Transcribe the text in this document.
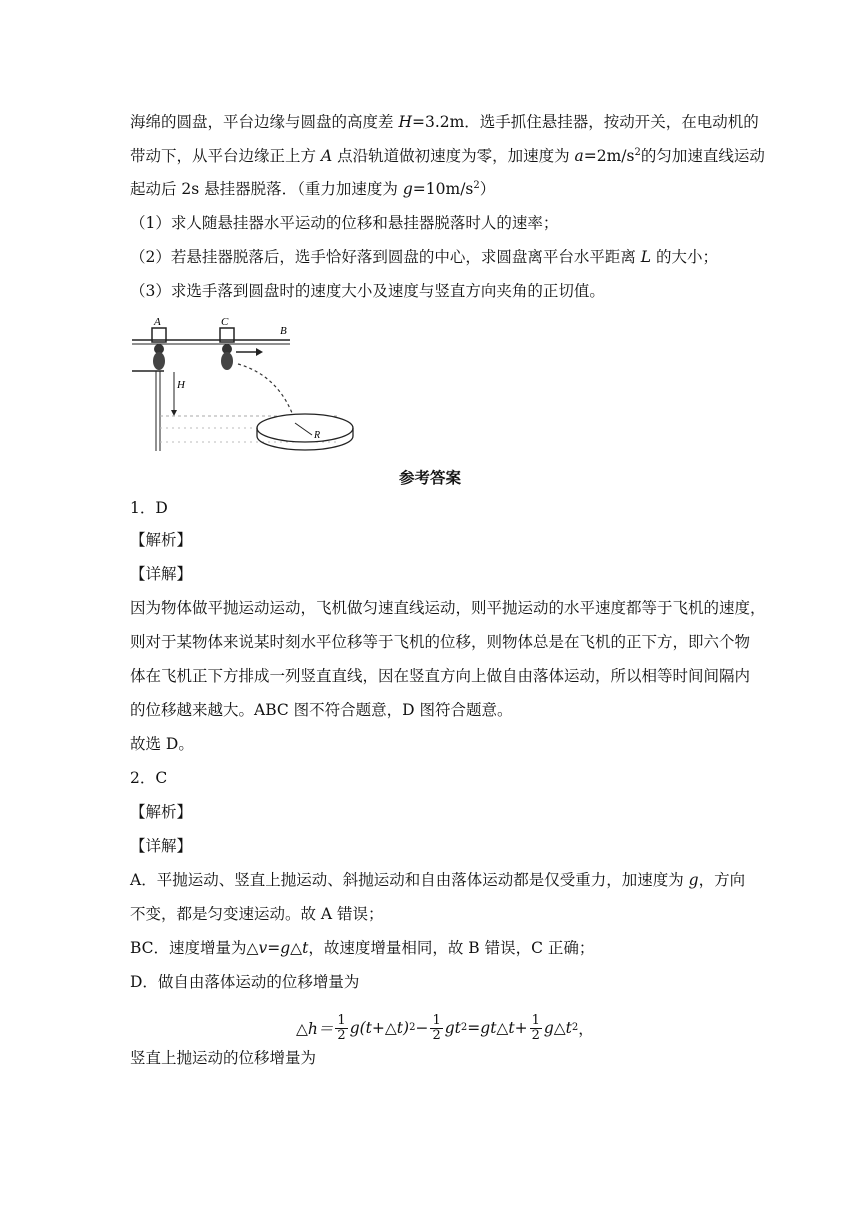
海绵的圆盘，平台边缘与圆盘的高度差 H=3.2m．选手抓住悬挂器，按动开关，在电动机的
带动下，从平台边缘正上方 A 点沿轨道做初速度为零，加速度为 $a=2m/s^2$的匀加速直线运动
起动后 2s 悬挂器脱落．（重力加速度为 $g=10m/s^2$）
（1）求人随悬挂器水平运动的位移和悬挂器脱落时人的速率；
（2）若悬挂器脱落后，选手恰好落到圆盘的中心，求圆盘离平台水平距离 L 的大小；
（3）求选手落到圆盘时的速度大小及速度与竖直方向夹角的正切值。
A	C
B
H
R
参考答案
1．D
【解析】
【详解】
因为物体做平抛运动运动，飞机做匀速直线运动，则平抛运动的水平速度都等于飞机的速度，
则对于某物体来说某时刻水平位移等于飞机的位移，则物体总是在飞机的正下方，即六个物
体在飞机正下方排成一列竖直直线，因在竖直方向上做自由落体运动，所以相等时间间隔内
的位移越来越大。ABC 图不符合题意，D 图符合题意。
故选 D。
2．C
【解析】
【详解】
A．平抛运动、竖直上抛运动、斜抛运动和自由落体运动都是仅受重力，加速度为 g，方向
不变，都是匀变速运动。故 A 错误；
BC．速度增量为△v=g△t，故速度增量相同，故 B 错误，C 正确；
D．做自由落体运动的位移增量为
△h＝ $\frac{1}{2}$ g(t+△t) $2 - \frac{1}{2}$ gt 2 = gt△t+ $\frac{1}{2}$ g△t 2 ，
竖直上抛运动的位移增量为
